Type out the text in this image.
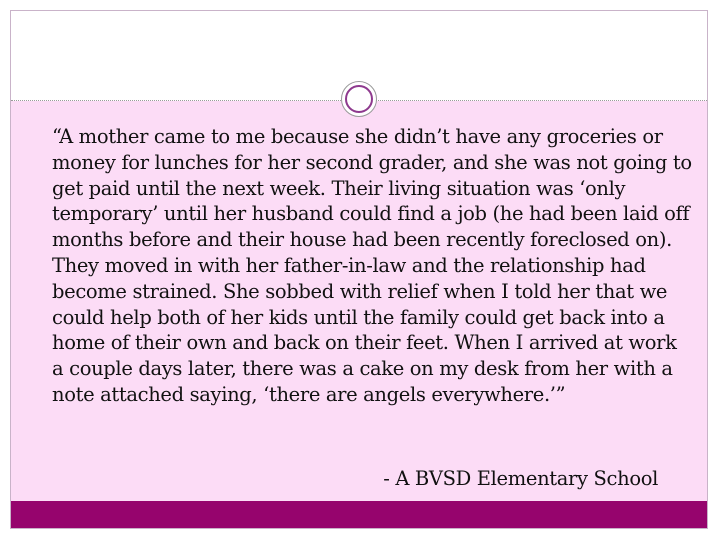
“A mother came to me because she didn’t have any groceries or money for lunches for her second grader, and she was not going to get paid until the next week. Their living situation was ‘only temporary’ until her husband could find a job (he had been laid off months before and their house had been recently foreclosed on). They moved in with her father-in-law and the relationship had become strained. She sobbed with relief when I told her that we could help both of her kids until the family could get back into a home of their own and back on their feet. When I arrived at work a couple days later, there was a cake on my desk from her with a note attached saying, ‘there are angels everywhere.’”

- A BVSD Elementary School
